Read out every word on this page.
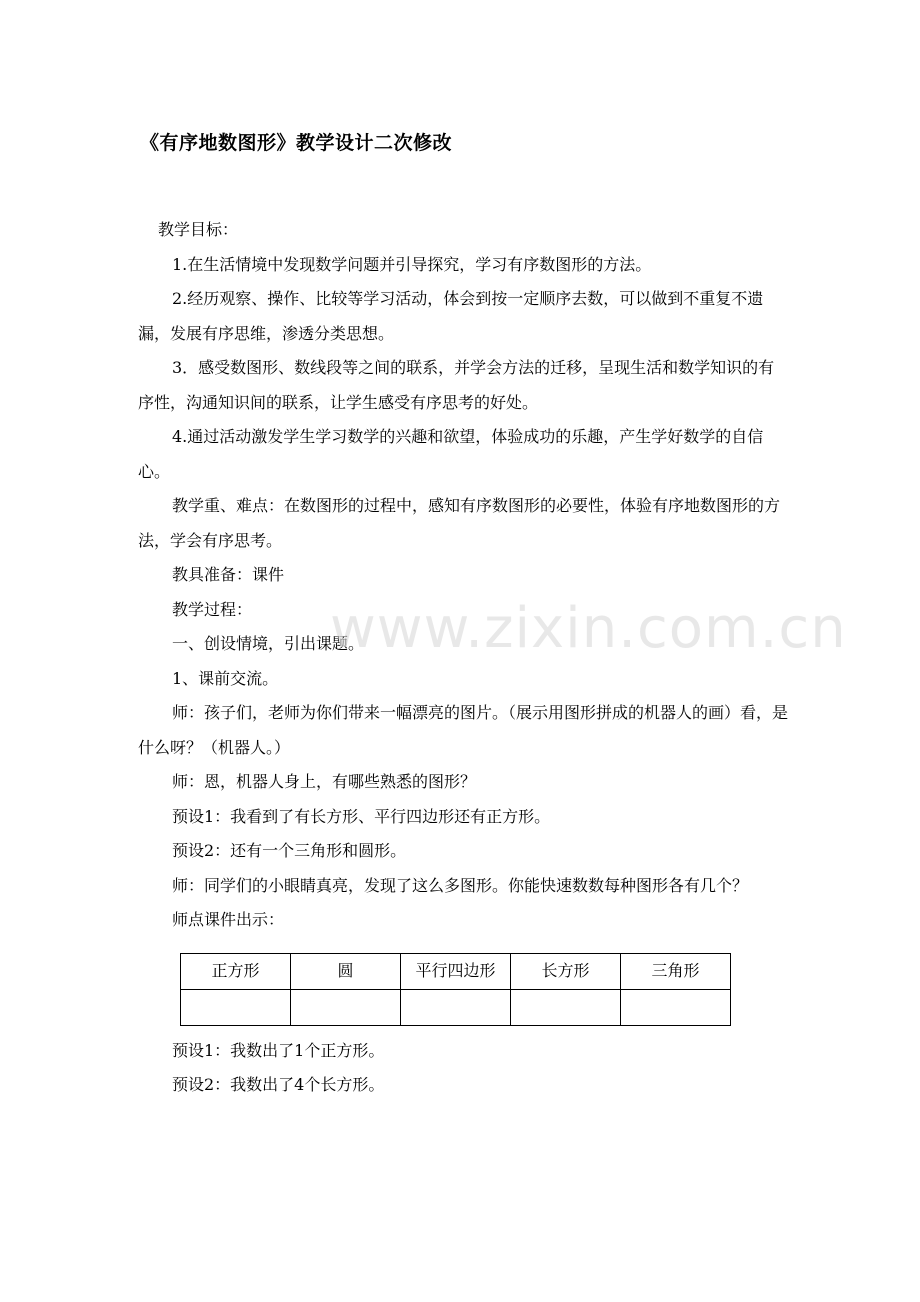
《有序地数图形》教学设计二次修改

教学目标：

1.在生活情境中发现数学问题并引导探究，学习有序数图形的方法。

2.经历观察、操作、比较等学习活动，体会到按一定顺序去数，可以做到不重复不遗漏，发展有序思维，渗透分类思想。

3．感受数图形、数线段等之间的联系，并学会方法的迁移，呈现生活和数学知识的有序性，沟通知识间的联系，让学生感受有序思考的好处。

4.通过活动激发学生学习数学的兴趣和欲望，体验成功的乐趣，产生学好数学的自信心。

教学重、难点：在数图形的过程中，感知有序数图形的必要性，体验有序地数图形的方法，学会有序思考。

教具准备：课件

教学过程：

一、创设情境，引出课题。

1、课前交流。

师：孩子们，老师为你们带来一幅漂亮的图片。（展示用图形拼成的机器人的画）看，是什么呀？（机器人。）

师：恩，机器人身上，有哪些熟悉的图形？

预设1：我看到了有长方形、平行四边形还有正方形。

预设2：还有一个三角形和圆形。

师：同学们的小眼睛真亮，发现了这么多图形。你能快速数数每种图形各有几个？

师点课件出示：

正方形	圆	平行四边形	长方形	三角形

预设1：我数出了1个正方形。

预设2：我数出了4个长方形。

www.zixin.com.cn
